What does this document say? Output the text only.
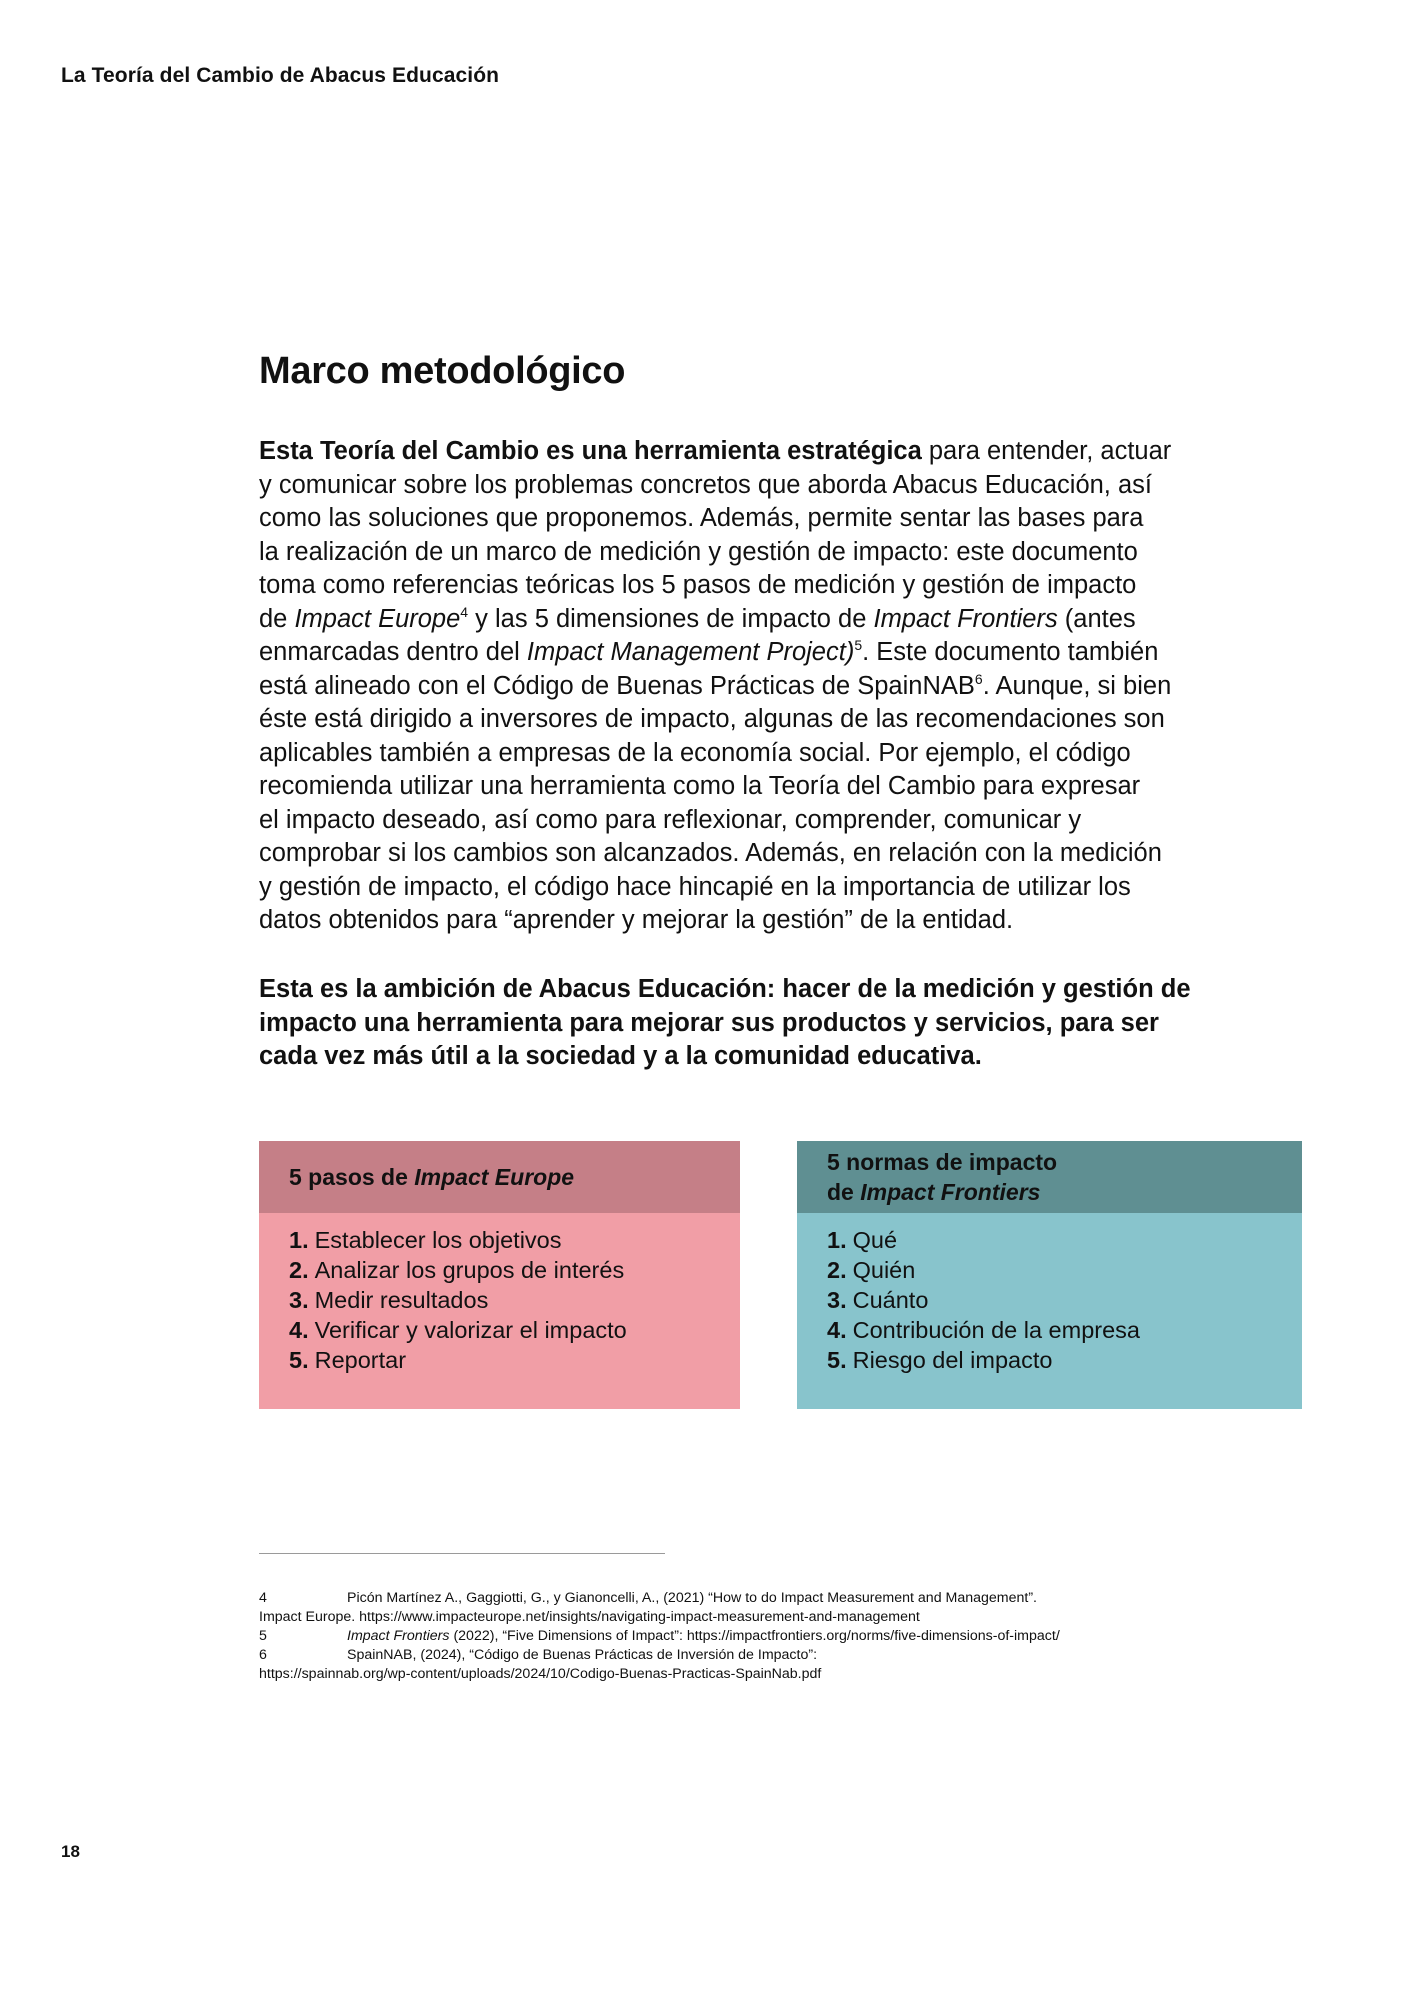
La Teoría del Cambio de Abacus Educación
Marco metodológico

Esta Teoría del Cambio es una herramienta estratégica para entender, actuar
y comunicar sobre los problemas concretos que aborda Abacus Educación, así
como las soluciones que proponemos. Además, permite sentar las bases para
la realización de un marco de medición y gestión de impacto: este documento
toma como referencias teóricas los 5 pasos de medición y gestión de impacto
de Impact Europe$^4$ y las 5 dimensiones de impacto de Impact Frontiers (antes
enmarcadas dentro del Impact Management Project)$^5$. Este documento también
está alineado con el Código de Buenas Prácticas de SpainNAB$^6$. Aunque, si bien
éste está dirigido a inversores de impacto, algunas de las recomendaciones son
aplicables también a empresas de la economía social. Por ejemplo, el código
recomienda utilizar una herramienta como la Teoría del Cambio para expresar
el impacto deseado, así como para reflexionar, comprender, comunicar y
comprobar si los cambios son alcanzados. Además, en relación con la medición
y gestión de impacto, el código hace hincapié en la importancia de utilizar los
datos obtenidos para “aprender y mejorar la gestión” de la entidad.

Esta es la ambición de Abacus Educación: hacer de la medición y gestión de
impacto una herramienta para mejorar sus productos y servicios, para ser
cada vez más útil a la sociedad y a la comunidad educativa.

5 pasos de Impact Europe
1. Establecer los objetivos
2. Analizar los grupos de interés
3. Medir resultados
4. Verificar y valorizar el impacto
5. Reportar
5 normas de impacto
de Impact Frontiers
1. Qué
2. Quién
3. Cuánto
4. Contribución de la empresa
5. Riesgo del impacto
4	Picón Martínez A., Gaggiotti, G., y Gianoncelli, A., (2021) “How to do Impact Measurement and Management”.
Impact Europe. https://www.impacteurope.net/insights/navigating-impact-measurement-and-management
5	Impact Frontiers (2022), “Five Dimensions of Impact”: https://impactfrontiers.org/norms/five-dimensions-of-impact/
6	SpainNAB, (2024), “Código de Buenas Prácticas de Inversión de Impacto”:
https://spainnab.org/wp-content/uploads/2024/10/Codigo-Buenas-Practicas-SpainNab.pdf
18
